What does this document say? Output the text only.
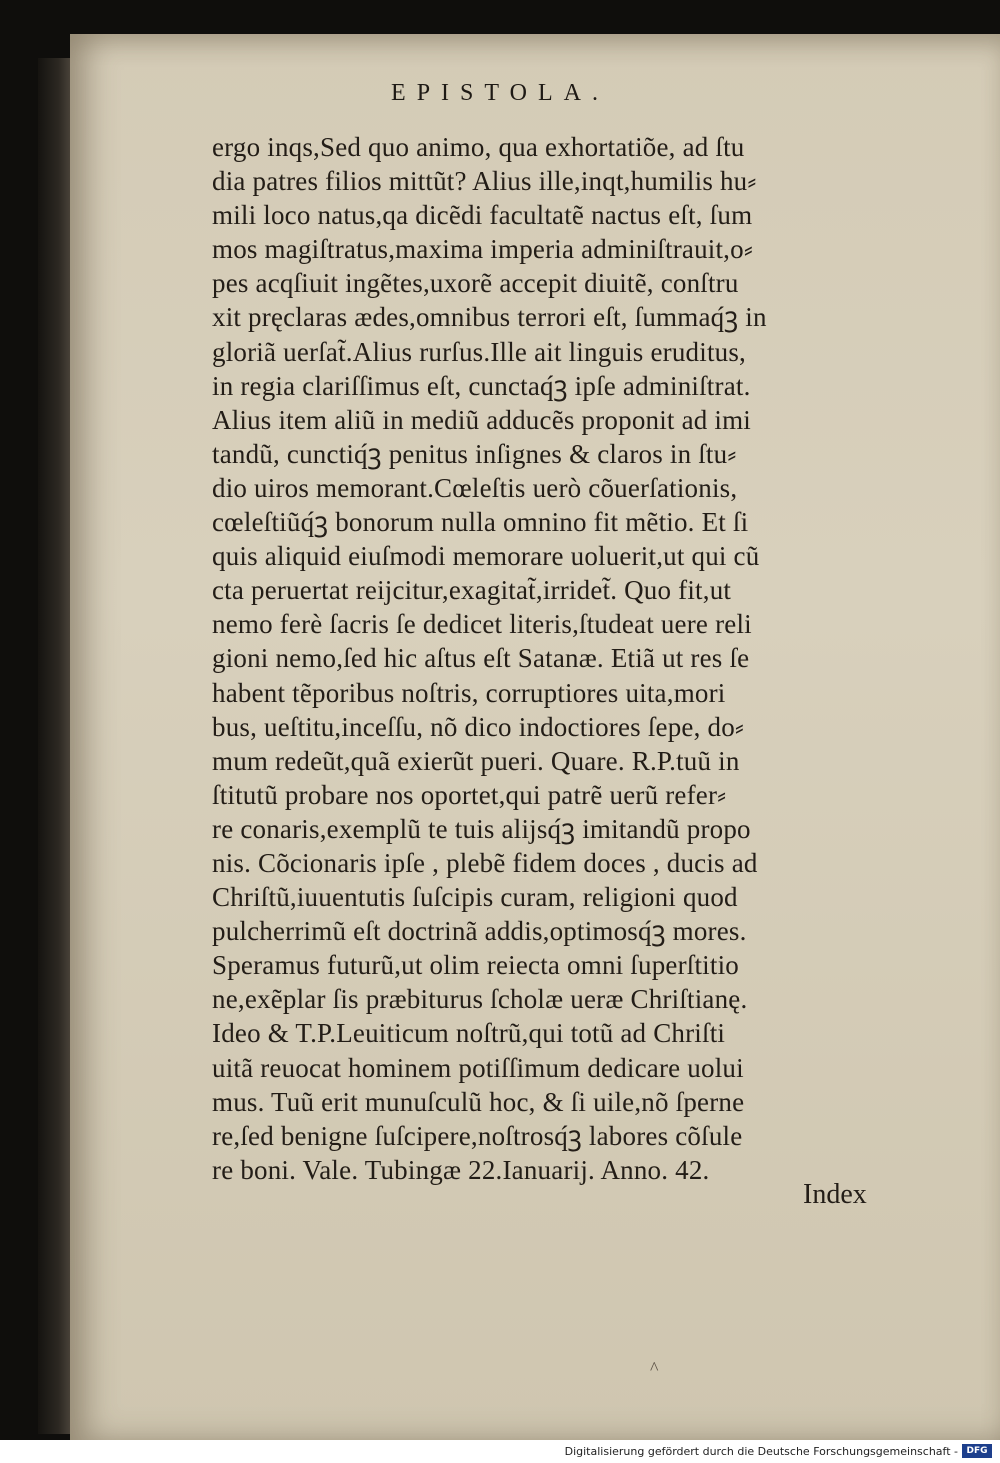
EPISTOLA.
ergo inqs,Sed quo animo, qua exhortatiõe, ad ſtu
dia patres filios mittũt? Alius ille,inqt,humilis hu⸗
mili loco natus,qa dicẽdi facultatẽ nactus eſt, ſum
mos magiſtratus,maxima imperia adminiſtrauit,o⸗
pes acqſiuit ingẽtes,uxorẽ accepit diuitẽ, conſtru
xit pręclaras ædes,omnibus terrori eſt, ſummaq́ꝫ in
gloriã uerſat̃.Alius rurſus.Ille ait linguis eruditus,
in regia clariſſimus eſt, cunctaq́ꝫ ipſe adminiſtrat.
Alius item aliũ in mediũ adducẽs proponit ad imi
tandũ, cunctiq́ꝫ penitus inſignes & claros in ſtu⸗
dio uiros memorant.Cœleſtis uerò cõuerſationis,
cœleſtiũq́ꝫ bonorum nulla omnino fit mẽtio. Et ſi
quis aliquid eiuſmodi memorare uoluerit,ut qui cũ
cta peruertat reijcitur,exagitat̃,irridet̃. Quo fit,ut
nemo ferè ſacris ſe dedicet literis,ſtudeat uere reli
gioni nemo,ſed hic aſtus eſt Satanæ. Etiã ut res ſe
habent tẽporibus noſtris, corruptiores uita,mori
bus, ueſtitu,inceſſu, nõ dico indoctiores ſepe, do⸗
mum redeũt,quã exierũt pueri. Quare. R.P.tuũ in
ſtitutũ probare nos oportet,qui patrẽ uerũ refer⸗
re conaris,exemplũ te tuis alijsq́ꝫ imitandũ propo
nis. Cõcionaris ipſe , plebẽ fidem doces , ducis ad
Chriſtũ,iuuentutis ſuſcipis curam, religioni quod
pulcherrimũ eſt doctrinã addis,optimosq́ꝫ mores.
Speramus futurũ,ut olim reiecta omni ſuperſtitio
ne,exẽplar ſis præbiturus ſcholæ ueræ Chriſtianę.
Ideo & T.P.Leuiticum noſtrũ,qui totũ ad Chriſti
uitã reuocat hominem potiſſimum dedicare uolui
mus. Tuũ erit munuſculũ hoc, & ſi uile,nõ ſperne
re,ſed benigne ſuſcipere,noſtrosq́ꝫ labores cõſule
re boni. Vale. Tubingæ 22.Ianuarij. Anno. 42.
Index
^
Digitalisierung gefördert durch die Deutsche Forschungsgemeinschaft - DFG
